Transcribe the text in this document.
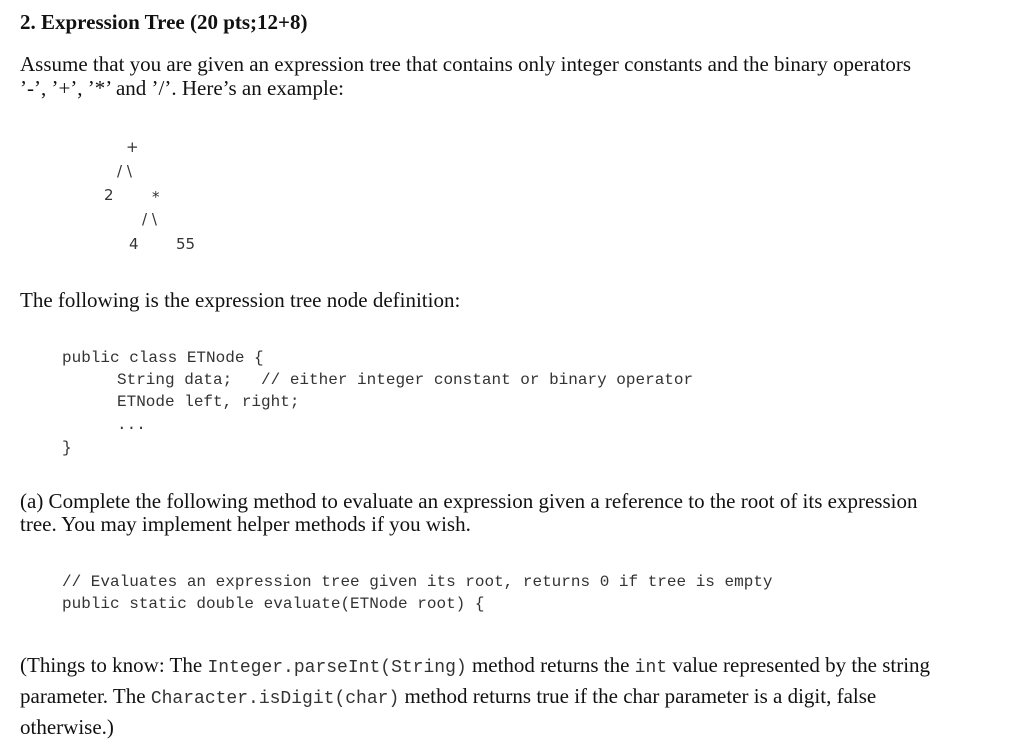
2. Expression Tree (20 pts;12+8)
Assume that you are given an expression tree that contains only integer constants and the binary operators
’-’, ’+’, ’*’ and ’/’. Here’s an example:
+
/ \
2	*
/ \
4 55
The following is the expression tree node definition:
public class ETNode {
String data;   // either integer constant or binary operator
ETNode left, right;
...
}
(a) Complete the following method to evaluate an expression given a reference to the root of its expression
tree. You may implement helper methods if you wish.
// Evaluates an expression tree given its root, returns 0 if tree is empty
public static double evaluate(ETNode root) {
(Things to know: The Integer.parseInt(String) method returns the int value represented by the string parameter. The Character.isDigit(char) method returns true if the char parameter is a digit, false otherwise.)
